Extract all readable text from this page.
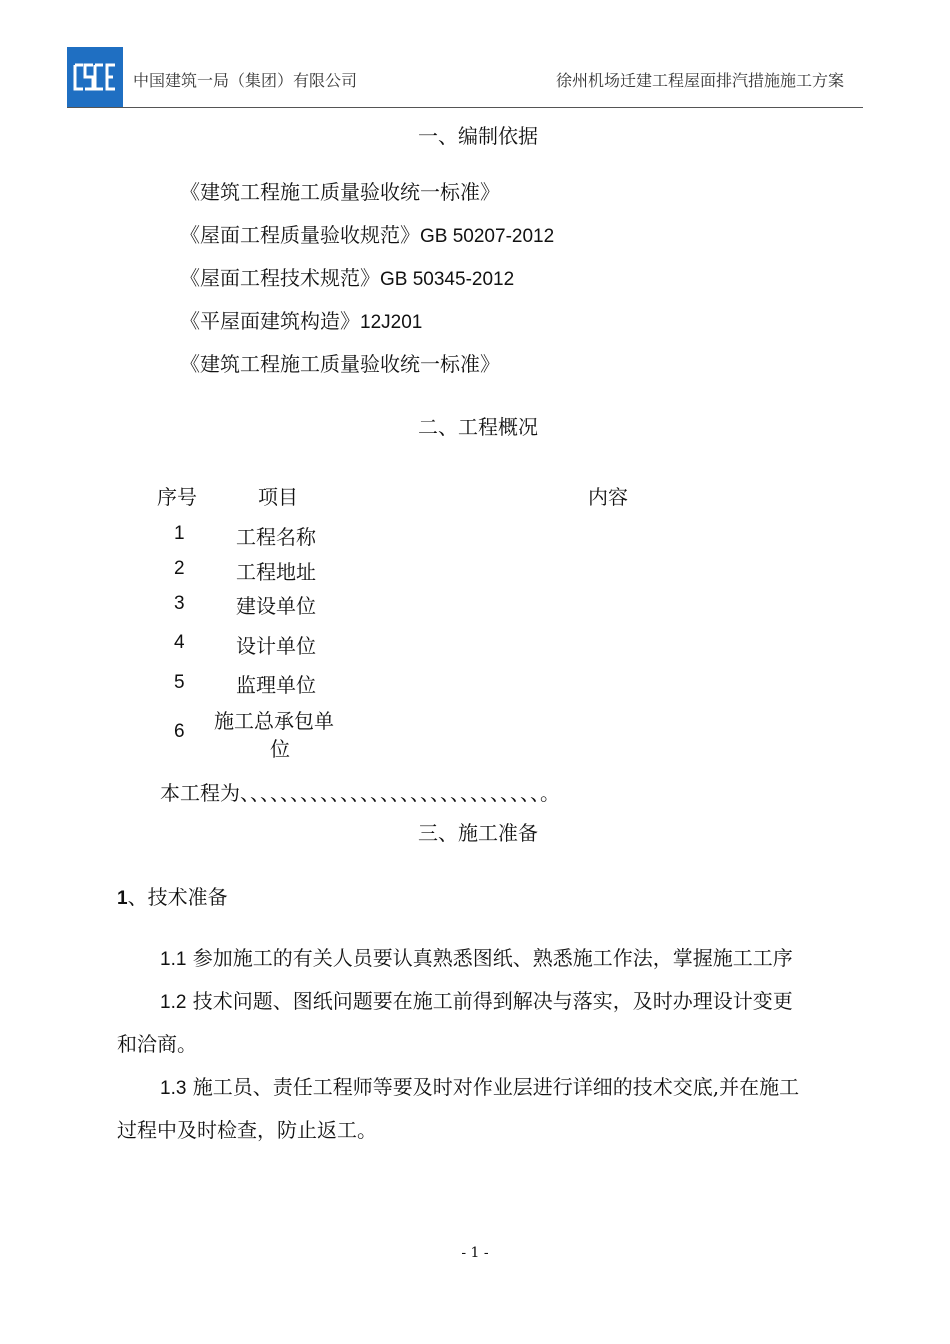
中国建筑一局（集团）有限公司	徐州机场迁建工程屋面排汽措施施工方案
一、编制依据
《建筑工程施工质量验收统一标准》
《屋面工程质量验收规范》GB 50207-2012
《屋面工程技术规范》GB 50345-2012
《平屋面建筑构造》12J201
《建筑工程施工质量验收统一标准》
二、工程概况
序号	项目	内容
1	工程名称
2	工程地址
3	建设单位
4	设计单位
5	监理单位
6 施工总承包单
位
本工程为、、、、、、、、、、、、、、、、、、、、、、、、、、、、、、。
三、施工准备
1、技术准备
1.1 参加施工的有关人员要认真熟悉图纸、熟悉施工作法，掌握施工工序
1.2 技术问题、图纸问题要在施工前得到解决与落实，及时办理设计变更
和洽商。
1.3 施工员、责任工程师等要及时对作业层进行详细的技术交底,并在施工
过程中及时检查，防止返工。
- 1 -
